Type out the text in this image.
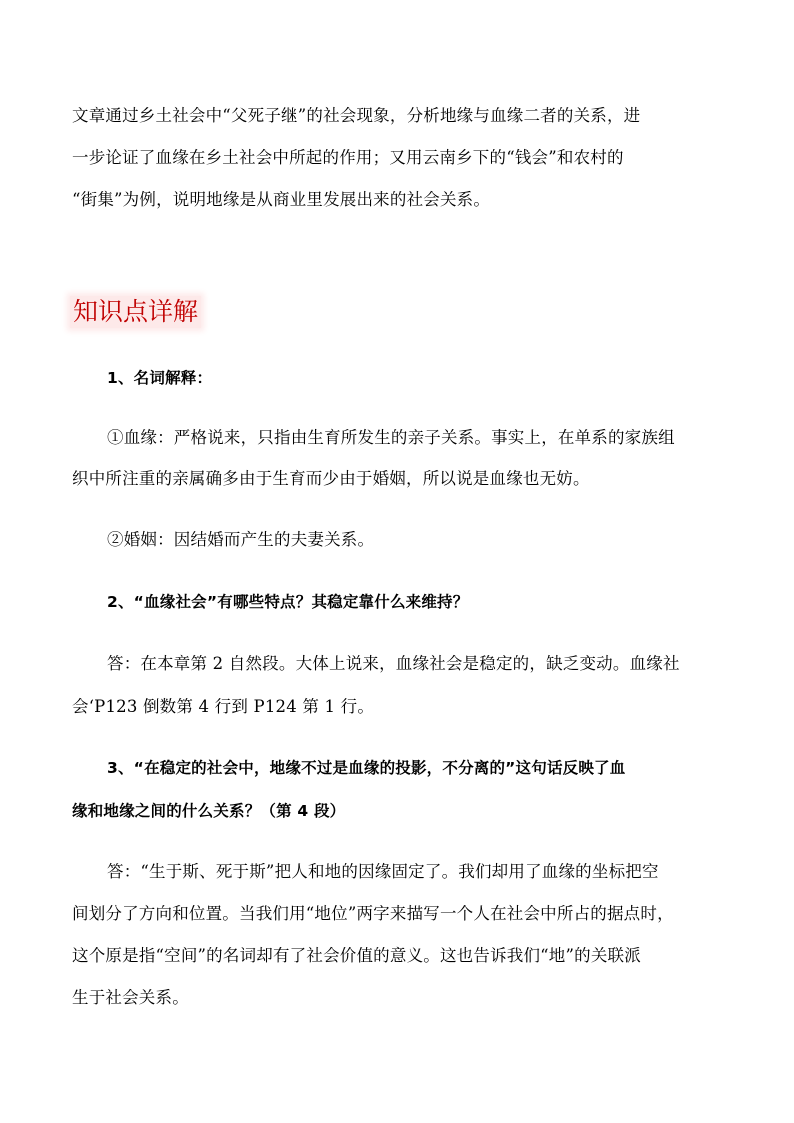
文章通过乡土社会中“父死子继”的社会现象，分析地缘与血缘二者的关系，进
一步论证了血缘在乡土社会中所起的作用；又用云南乡下的“钱会”和农村的
“街集”为例，说明地缘是从商业里发展出来的社会关系。
知识点详解
1、名词解释：
①血缘：严格说来，只指由生育所发生的亲子关系。事实上，在单系的家族组
织中所注重的亲属确多由于生育而少由于婚姻，所以说是血缘也无妨。
②婚姻：因结婚而产生的夫妻关系。
2、“血缘社会”有哪些特点？其稳定靠什么来维持？
答：在本章第 2 自然段。大体上说来，血缘社会是稳定的，缺乏变动。血缘社
会‘P123 倒数第 4 行到 P124 第 1 行。
3、“在稳定的社会中，地缘不过是血缘的投影，不分离的”这句话反映了血
缘和地缘之间的什么关系？（第 4 段）
答：“生于斯、死于斯”把人和地的因缘固定了。我们却用了血缘的坐标把空
间划分了方向和位置。当我们用“地位”两字来描写一个人在社会中所占的据点时，
这个原是指“空间”的名词却有了社会价值的意义。这也告诉我们“地”的关联派
生于社会关系。
